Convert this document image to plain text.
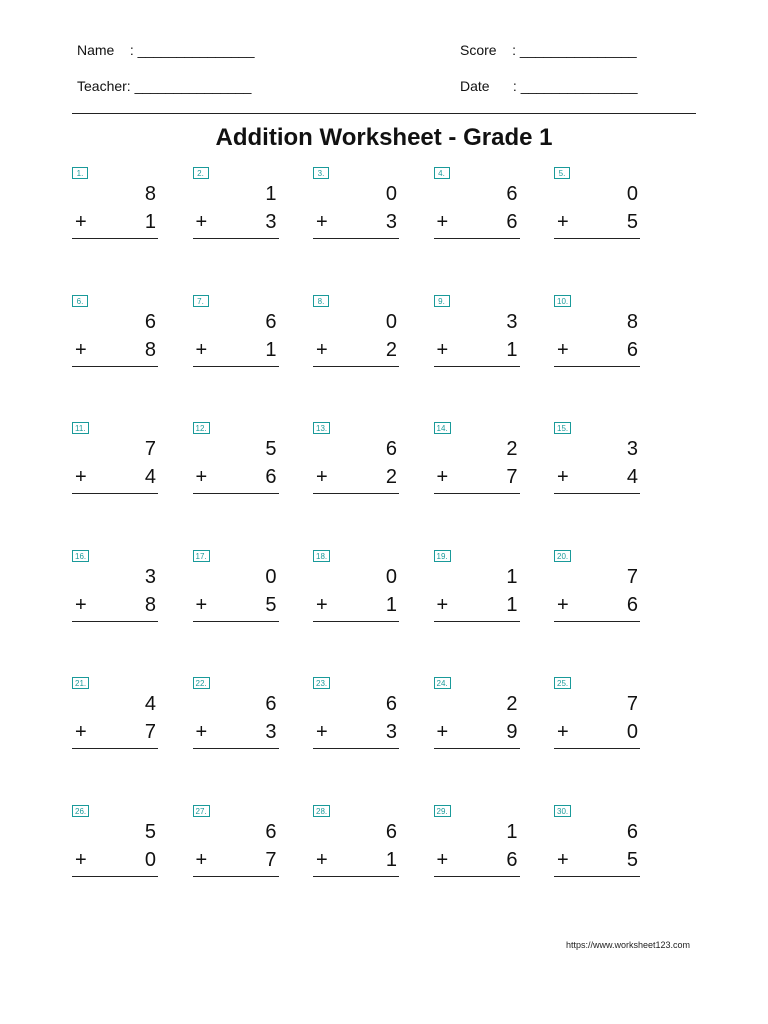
Name    : _______________
Teacher: _______________
Score    : _______________
Date      : _______________
Addition Worksheet - Grade 1
1.
8
+	1
2.
1
+	3
3.
0
+	3
4.
6
+	6
5.
0
+	5
6.
6
+	8
7.
6
+	1
8.
0
+	2
9.
3
+	1
10.
8
+	6
11.
7
+	4
12.
5
+	6
13.
6
+	2
14.
2
+	7
15.
3
+	4
16.
3
+	8
17.
0
+	5
18.
0
+	1
19.
1
+	1
20.
7
+	6
21.
4
+	7
22.
6
+	3
23.
6
+	3
24.
2
+	9
25.
7
+	0
26.
5
+	0
27.
6
+	7
28.
6
+	1
29.
1
+	6
30.
6
+	5
https://www.worksheet123.com
